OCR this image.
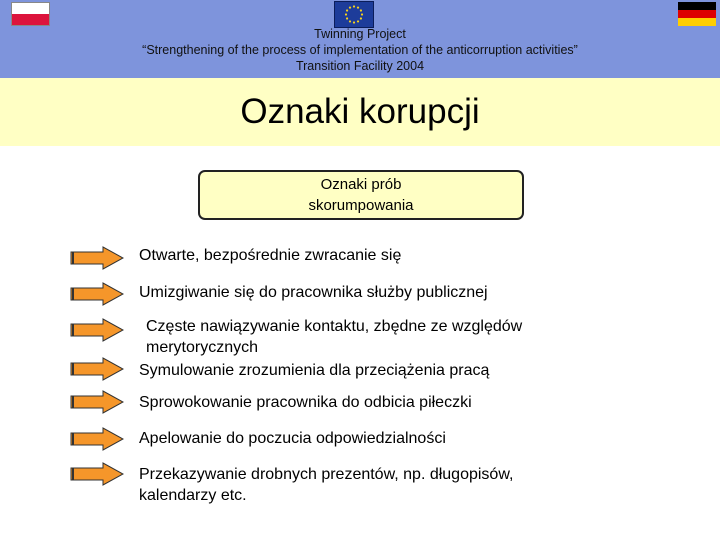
Twinning Project
“Strengthening of the process of implementation of the anticorruption activities”
Transition Facility 2004
Oznaki korupcji
Oznaki prób
skorumpowania
Otwarte, bezpośrednie zwracanie się
Umizgiwanie się do pracownika służby publicznej
Częste nawiązywanie kontaktu, zbędne ze względów
merytorycznych
Symulowanie zrozumienia dla przeciążenia pracą
Sprowokowanie pracownika do odbicia piłeczki
Apelowanie do poczucia odpowiedzialności
Przekazywanie drobnych prezentów, np. długopisów,
kalendarzy etc.
